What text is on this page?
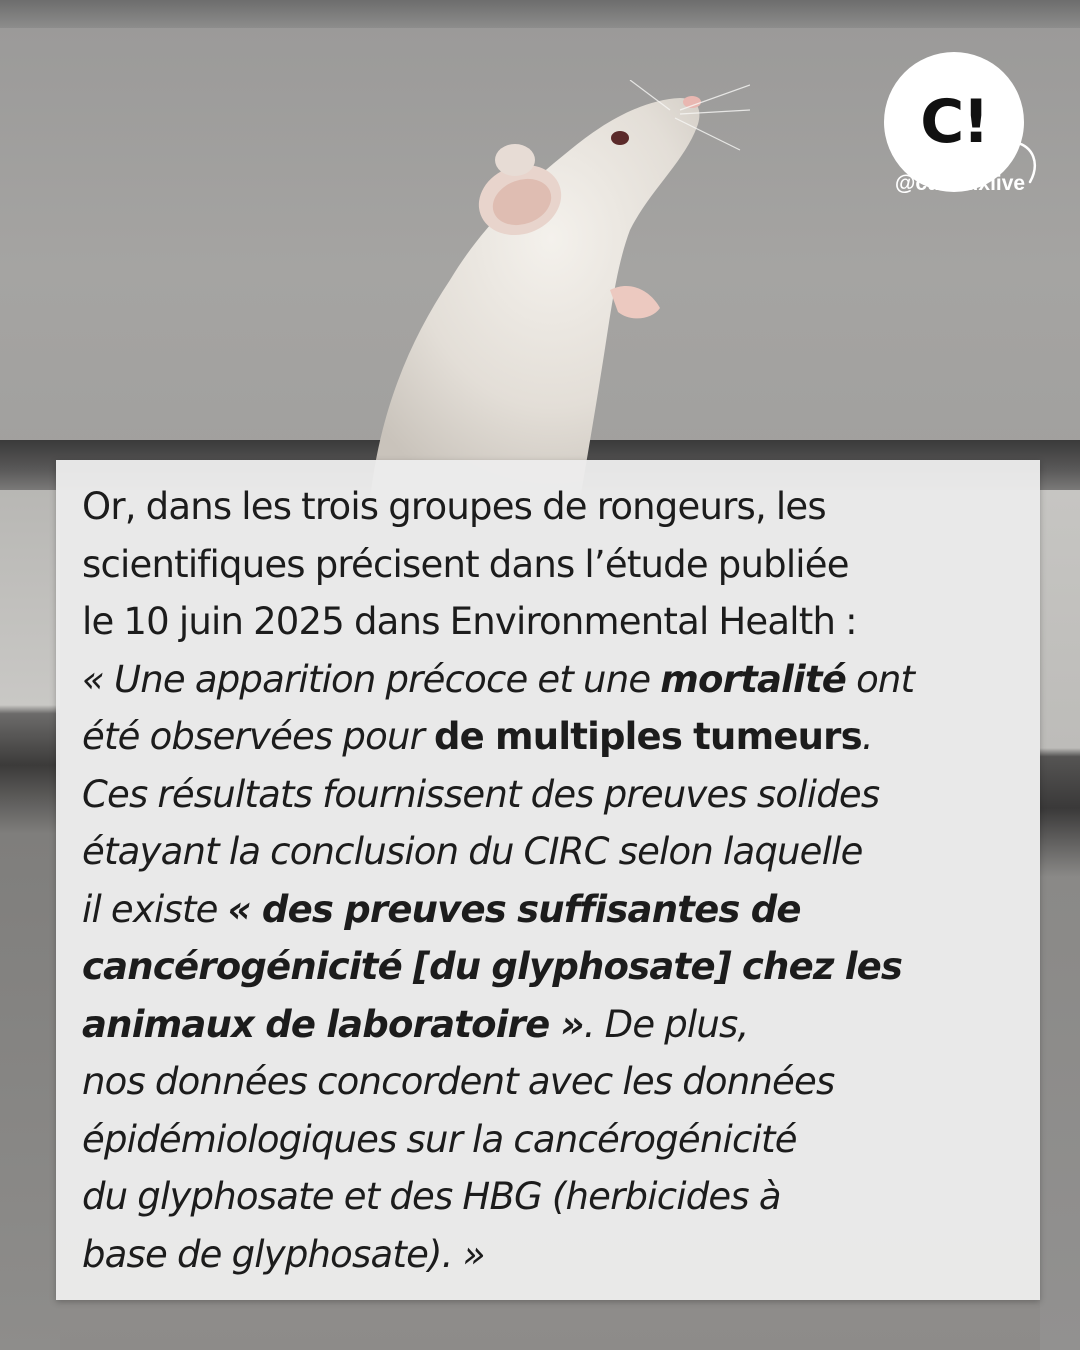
C!
@curieuxlive

Or, dans les trois groupes de rongeurs, les
scientifiques précisent dans l’étude publiée
le 10 juin 2025 dans Environmental Health :
« Une apparition précoce et une mortalité ont
été observées pour de multiples tumeurs.
Ces résultats fournissent des preuves solides
étayant la conclusion du CIRC selon laquelle
il existe « des preuves suffisantes de
cancérogénicité [du glyphosate] chez les
animaux de laboratoire ». De plus,
nos données concordent avec les données
épidémiologiques sur la cancérogénicité
du glyphosate et des HBG (herbicides à
base de glyphosate). »
